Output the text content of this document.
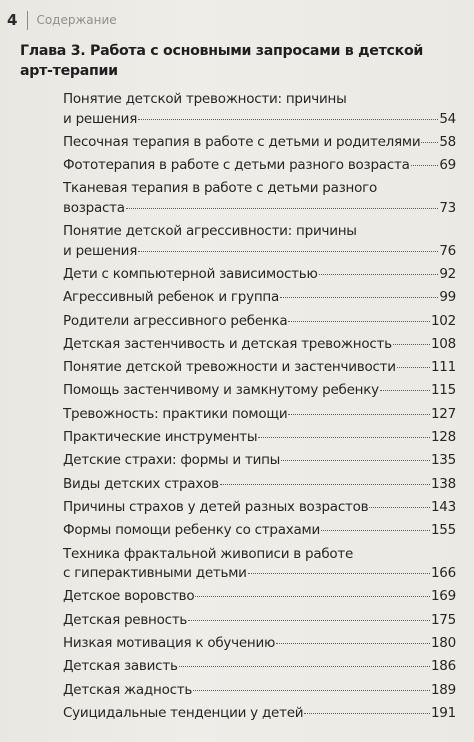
4 Содержание
Глава 3. Работа с основными запросами в детской
арт-терапии
Понятие детской тревожности: причины
и решения	54
Песочная терапия в работе с детьми и родителями 58
Фототерапия в работе с детьми разного возраста 69
Тканевая терапия в работе с детьми разного
возраста	73
Понятие детской агрессивности: причины
и решения	76
Дети с компьютерной зависимостью	92
Агрессивный ребенок и группа	99
Родители агрессивного ребенка	102
Детская застенчивость и детская тревожность	108
Понятие детской тревожности и застенчивости	111
Помощь застенчивому и замкнутому ребенку	115
Тревожность: практики помощи	127
Практические инструменты	128
Детские страхи: формы и типы	135
Виды детских страхов	138
Причины страхов у детей разных возрастов	143
Формы помощи ребенку со страхами	155
Техника фрактальной живописи в работе
с гиперактивными детьми	166
Детское воровство	169
Детская ревность	175
Низкая мотивация к обучению	180
Детская зависть	186
Детская жадность	189
Суицидальные тенденции у детей	191
